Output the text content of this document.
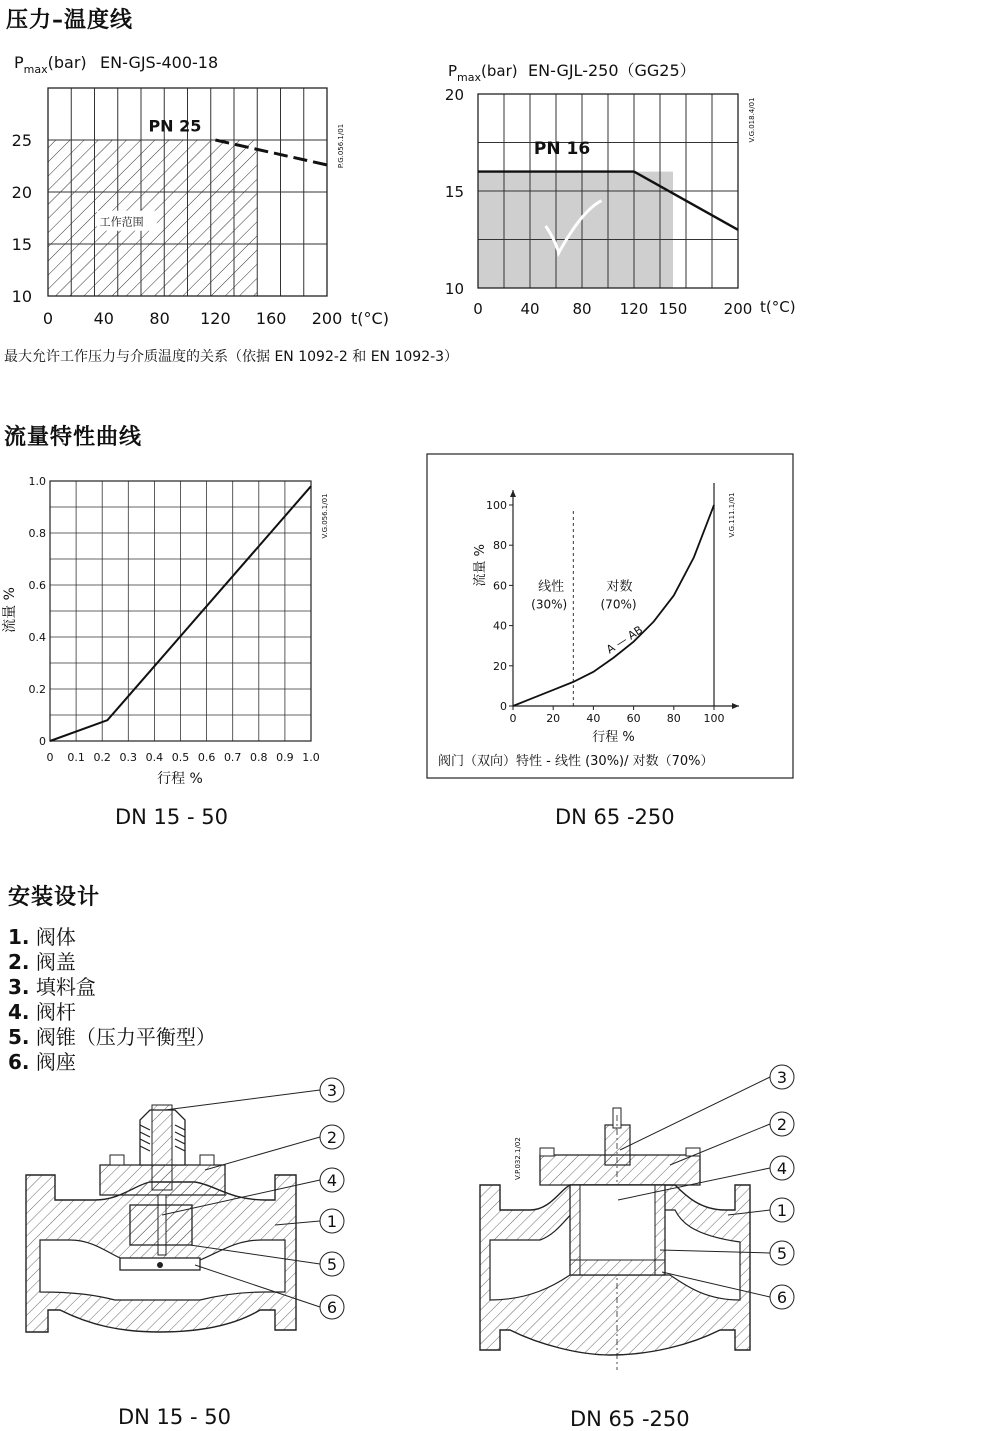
压力–温度线
$P_{max}(bar)$ EN-GJS-400-18
10
15
20
25
0	40 80 120 160 200 t(°C)
PN 25
工作范围
P.G.056.1/01
$P_{max}(bar)$ EN-GJL-250（GG25）
10
15
20
0	40 80 120 150 200 t(°C)
PN 16
V.G.018.4/01
最大允许工作压力与介质温度的关系（依据 EN 1092-2 和 EN 1092-3）
流量特性曲线
0
0.2
0.4
0.6
0.8
1.0
0 0.1 0.2 0.3 0.4 0.5 0.6 0.7 0.8 0.9 1.0
行程 %
流量 %
V.G.056.1/01
0
20
40
60
80
100
0	20 40 60 80 100
行程 %
流量 %
线性
(30%)
对数
(70%)
A — AB
V.G.111.1/01
阀门（双向）特性 - 线性 (30%)/ 对数（70%）
DN 15 - 50	DN 65 -250
安装设计
1. 阀体
2. 阀盖
3. 填料盒
4. 阀杆
5. 阀锥（压力平衡型）
6. 阀座
3
2
4
1
5
6
V.P.032.1/02
3
2
4
1
5
6
DN 15 - 50	DN 65 -250
